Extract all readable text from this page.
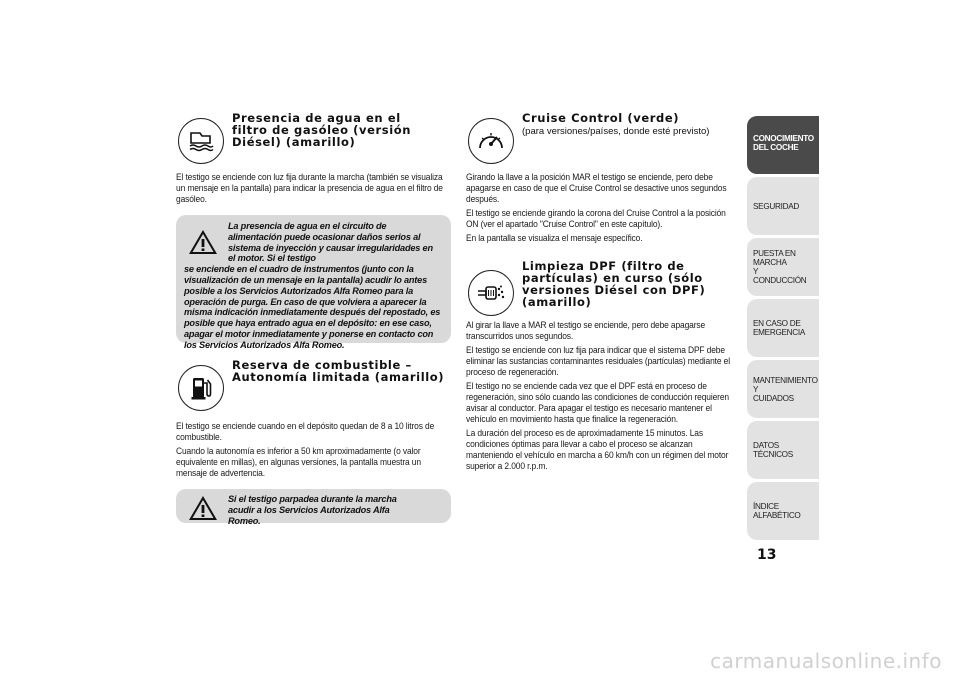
Presencia de agua en el filtro de gasóleo (versión Diésel) (amarillo)

El testigo se enciende con luz fija durante la marcha (también se visualiza un mensaje en la pantalla) para indicar la presencia de agua en el filtro de gasóleo.

La presencia de agua en el circuito de alimentación puede ocasionar daños serios al sistema de inyección y causar irregularidades en el motor. Si el testigo
se enciende en el cuadro de instrumentos (junto con la visualización de un mensaje en la pantalla) acudir lo antes posible a los Servicios Autorizados Alfa Romeo para la operación de purga. En caso de que volviera a aparecer la misma indicación inmediatamente después del repostado, es posible que haya entrado agua en el depósito: en ese caso, apagar el motor inmediatamente y ponerse en contacto con los Servicios Autorizados Alfa Romeo.
Reserva de combustible – Autonomía limitada (amarillo)

El testigo se enciende cuando en el depósito quedan de 8 a 10 litros de combustible.

Cuando la autonomía es inferior a 50 km aproximadamente (o valor equivalente en millas), en algunas versiones, la pantalla muestra un mensaje de advertencia.

Si el testigo parpadea durante la marcha acudir a los Servicios Autorizados Alfa Romeo.
Cruise Control (verde)
(para versiones/países, donde esté previsto)

Girando la llave a la posición MAR el testigo se enciende, pero debe apagarse en caso de que el Cruise Control se desactive unos segundos después.

El testigo se enciende girando la corona del Cruise Control a la posición ON (ver el apartado "Cruise Control" en este capítulo).

En la pantalla se visualiza el mensaje específico.

Limpieza DPF (filtro de partículas) en curso (sólo versiones Diésel con DPF) (amarillo)

Al girar la llave a MAR el testigo se enciende, pero debe apagarse transcurridos unos segundos.

El testigo se enciende con luz fija para indicar que el sistema DPF debe eliminar las sustancias contaminantes residuales (partículas) mediante el proceso de regeneración.

El testigo no se enciende cada vez que el DPF está en proceso de regeneración, sino sólo cuando las condiciones de conducción requieren avisar al conductor. Para apagar el testigo es necesario mantener el vehículo en movimiento hasta que finalice la regeneración.

La duración del proceso es de aproximadamente 15 minutos. Las condiciones óptimas para llevar a cabo el proceso se alcanzan manteniendo el vehículo en marcha a 60 km/h con un régimen del motor superior a 2.000 r.p.m.

CONOCIMIENTO
DEL COCHE
SEGURIDAD
PUESTA EN MARCHA
Y CONDUCCIÓN
EN CASO DE
EMERGENCIA
MANTENIMIENTO Y
CUIDADOS
DATOS TÉCNICOS
ÍNDICE ALFABÉTICO
13
carmanualsonline.info
